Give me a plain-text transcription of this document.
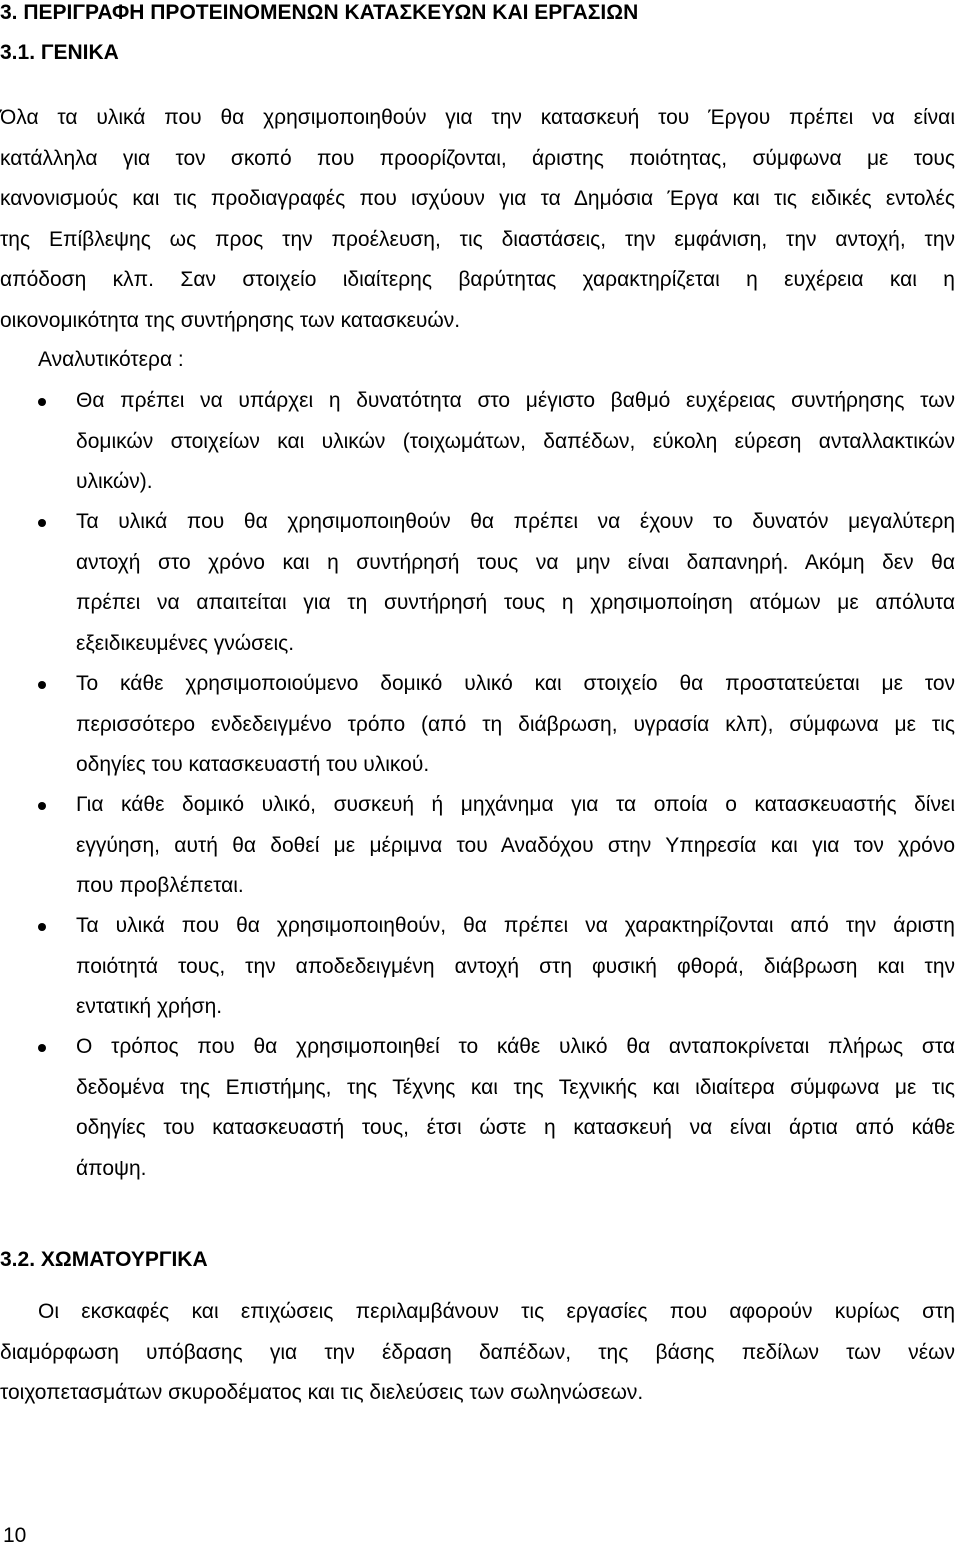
3. ΠΕΡΙΓΡΑΦΗ ΠΡΟΤΕΙΝΟΜΕΝΩΝ ΚΑΤΑΣΚΕΥΩΝ ΚΑΙ ΕΡΓΑΣΙΩΝ
3.1. ΓΕΝΙΚΑ
Όλα τα υλικά που θα χρησιμοποιηθούν για την κατασκευή του Έργου πρέπει να είναι
κατάλληλα για τον σκοπό που προορίζονται, άριστης ποιότητας, σύμφωνα με τους
κανονισμούς και τις προδιαγραφές που ισχύουν για τα Δημόσια Έργα και τις ειδικές εντολές
της Επίβλεψης ως προς την προέλευση, τις διαστάσεις, την εμφάνιση, την αντοχή, την
απόδοση κλπ. Σαν στοιχείο ιδιαίτερης βαρύτητας χαρακτηρίζεται η ευχέρεια και η
οικονομικότητα της συντήρησης των κατασκευών.
Αναλυτικότερα :
Θα πρέπει να υπάρχει η δυνατότητα στο μέγιστο βαθμό ευχέρειας συντήρησης των
δομικών στοιχείων και υλικών (τοιχωμάτων, δαπέδων, εύκολη εύρεση ανταλλακτικών
υλικών).
Τα υλικά που θα χρησιμοποιηθούν θα πρέπει να έχουν το δυνατόν μεγαλύτερη
αντοχή στο χρόνο και η συντήρησή τους να μην είναι δαπανηρή. Ακόμη δεν θα
πρέπει να απαιτείται για τη συντήρησή τους η χρησιμοποίηση ατόμων με απόλυτα
εξειδικευμένες γνώσεις.
Το κάθε χρησιμοποιούμενο δομικό υλικό και στοιχείο θα προστατεύεται με τον
περισσότερο ενδεδειγμένο τρόπο (από τη διάβρωση, υγρασία κλπ), σύμφωνα με τις
οδηγίες του κατασκευαστή του υλικού.
Για κάθε δομικό υλικό, συσκευή ή μηχάνημα για τα οποία ο κατασκευαστής δίνει
εγγύηση, αυτή θα δοθεί με μέριμνα του Αναδόχου στην Υπηρεσία και για τον χρόνο
που προβλέπεται.
Τα υλικά που θα χρησιμοποιηθούν, θα πρέπει να χαρακτηρίζονται από την άριστη
ποιότητά τους, την αποδεδειγμένη αντοχή στη φυσική φθορά, διάβρωση και την
εντατική χρήση.
Ο τρόπος που θα χρησιμοποιηθεί το κάθε υλικό θα ανταποκρίνεται πλήρως στα
δεδομένα της Επιστήμης, της Τέχνης και της Τεχνικής και ιδιαίτερα σύμφωνα με τις
οδηγίες του κατασκευαστή τους, έτσι ώστε η κατασκευή να είναι άρτια από κάθε
άποψη.
3.2. ΧΩΜΑΤΟΥΡΓΙΚΑ
Οι εκσκαφές και επιχώσεις περιλαμβάνουν τις εργασίες που αφορούν κυρίως στη
διαμόρφωση υπόβασης για την έδραση δαπέδων, της βάσης πεδίλων των νέων
τοιχοπετασμάτων σκυροδέματος και τις διελεύσεις των σωληνώσεων.
10
